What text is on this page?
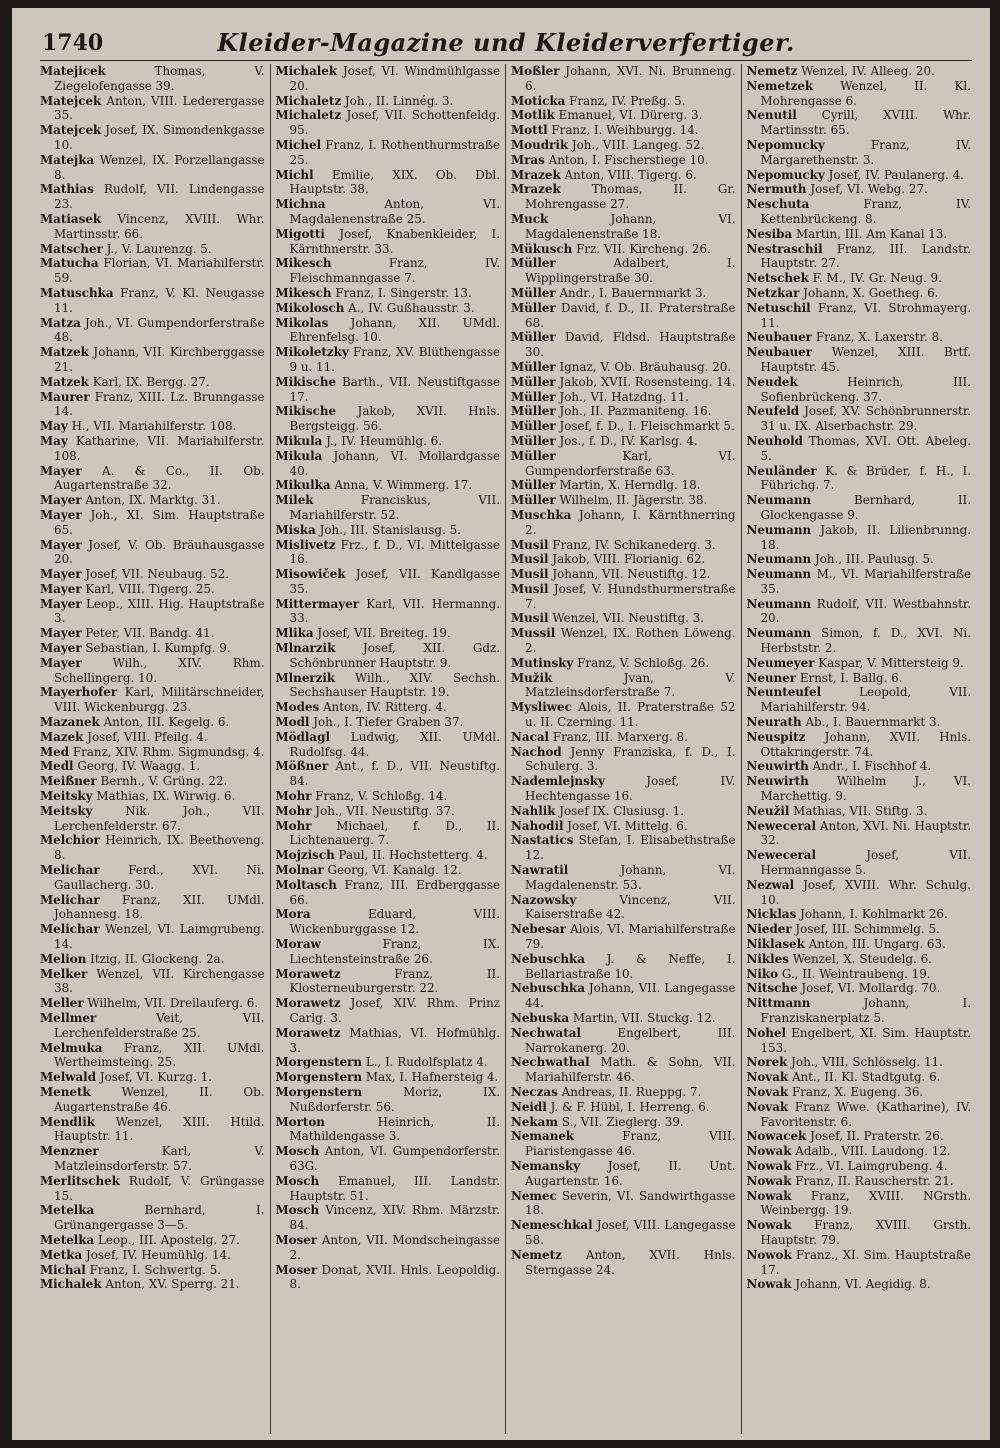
1740	Kleider-Magazine und Kleiderverfertiger.
Matejicek	Thomas, V. Ziegelofengasse 39.
Matejcek Anton, VIII. Lederergasse 35.
Matejcek Josef, IX. Simondenkgasse 10.
Matejka Wenzel, IX. Porzellangasse 8.
Mathias Rudolf, VII. Lindengasse 23.
Matiasek Vincenz, XVIII. Whr. Martinsstr. 66.
Matscher J., V. Laurenzg. 5.
Matucha Florian, VI. Mariahilferstr. 59.
Matuschka Franz, V. Kl. Neugasse 11.
Matza Joh., VI. Gumpendorferstraße 48.
Matzek Johann, VII. Kirchberggasse 21.
Matzek Karl, IX. Bergg. 27.
Maurer Franz, XIII. Lz. Brunngasse 14.
May H., VII. Mariahilferstr. 108.
May Katharine, VII. Mariahilferstr. 108.
Mayer A. & Co., II. Ob. Augartenstraße 32.
Mayer Anton, IX. Marktg. 31.
Mayer Joh., XI. Sim. Hauptstraße 65.
Mayer Josef, V. Ob. Bräuhausgasse 20.
Mayer Josef, VII. Neubaug. 52.
Mayer Karl, VIII. Tigerg. 25.
Mayer Leop., XIII. Hig. Hauptstraße 3.
Mayer Peter, VII. Bandg. 41.
Mayer Sebastian, I. Kumpfg. 9.
Mayer	Wilh., XIV. Rhm. Schellingerg. 10.
Mayerhofer Karl, Militärschneider, VIII. Wickenburgg. 23.
Mazanek Anton, III. Kegelg. 6.
Mazek Josef, VIII. Pfeilg. 4.
Med Franz, XIV. Rhm. Sigmundsg. 4.
Medl Georg, IV. Waagg. 1.
Meißner Bernh., V. Grüng. 22.
Meitsky Mathias, IX. Wirwig. 6.
Meitsky	Nik. Joh., VII. Lerchenfelderstr. 67.
Melchior Heinrich, IX. Beethoveng. 8.
Melichar Ferd., XVI. Ni. Gaullacherg. 30.
Melichar Franz, XII. UMdl. Johannesg. 18.
Melichar Wenzel, VI. Laimgrubeng. 14.
Melion Itzig, II. Glockeng. 2a.
Melker Wenzel, VII. Kirchengasse 38.
Meller Wilhelm, VII. Dreilauferg. 6.
Mellmer	Veit, VII. Lerchenfelderstraße 25.
Melmuka Franz, XII. UMdl. Wertheimsteing. 25.
Melwald Josef, VI. Kurzg. 1.
Menetk	Wenzel, II. Ob. Augartenstraße 46.
Mendlik Wenzel, XIII. Htild. Hauptstr. 11.
Menzner	Karl, V. Matzleinsdorferstr. 57.
Merlitschek Rudolf, V. Grüngasse 15.
Metelka	Bernhard, I. Grünangergasse 3—5.
Metelka Leop., III. Apostelg. 27.
Metka Josef, IV. Heumühlg. 14.
Michal Franz, I. Schwertg. 5.
Michalek Anton, XV. Sperrg. 21.
Michalek Josef, VI. Windmühlgasse 20.
Michaletz Joh., II. Linnég. 3.
Michaletz Josef, VII. Schottenfeldg. 95.
Michel Franz, I. Rothenthurmstraße 25.
Michl Emilie, XIX. Ob. Dbl. Hauptstr. 38.
Michna	Anton, VI. Magdalenenstraße 25.
Migotti Josef, Knabenkleider, I. Kärnthnerstr. 33.
Mikesch	Franz, IV. Fleischmanngasse 7.
Mikesch Franz, I. Singerstr. 13.
Mikolosch A., IV. Gußhausstr. 3.
Mikolas Johann, XII. UMdl. Ehrenfelsg. 10.
Mikoletzky Franz, XV. Blüthengasse 9 u. 11.
Mikische Barth., VII. Neustiftgasse 17.
Mikische Jakob, XVII. Hnls. Bergsteigg. 56.
Mikula J., IV. Heumühlg. 6.
Mikula Johann, VI. Mollardgasse 40.
Mikulka Anna, V. Wimmerg. 17.
Milek	Franciskus, VII. Mariahilferstr. 52.
Miska Joh., III. Stanislausg. 5.
Mislivetz Frz., f. D., VI. Mittelgasse 16.
Misowiček Josef, VII. Kandlgasse 35.
Mittermayer Karl, VII. Hermanng. 33.
Mlika Josef, VII. Breiteg. 19.
Mlnarzik Josef, XII. Gdz. Schönbrunner Hauptstr. 9.
Mlnerzik Wilh., XIV. Sechsh. Sechshauser Hauptstr. 19.
Modes Anton, IV. Ritterg. 4.
Modl Joh., I. Tiefer Graben 37.
Mödlagl Ludwig, XII. UMdl. Rudolfsg. 44.
Mößner Ant., f. D., VII. Neustiftg. 84.
Mohr Franz, V. Schloßg. 14.
Mohr Joh., VII. Neustiftg. 37.
Mohr Michael, f. D., II. Lichtenauerg. 7.
Mojzisch Paul, II. Hochstetterg. 4.
Molnar Georg, VI. Kanalg. 12.
Moltasch Franz, III. Erdberggasse 66.
Mora	Eduard, VIII. Wickenburggasse 12.
Moraw	Franz, IX. Liechtensteinstraße 26.
Morawetz	Franz, II. Klosterneuburgerstr. 22.
Morawetz Josef, XIV. Rhm. Prinz Carlg. 3.
Morawetz Mathias, VI. Hofmühlg. 3.
Morgenstern L., I. Rudolfsplatz 4.
Morgenstern Max, I. Hafnersteig 4.
Morgenstern	Moriz, IX. Nußdorferstr. 56.
Morton	Heinrich, II. Mathildengasse 3.
Mosch Anton, VI. Gumpendorferstr. 63G.
Mosch Emanuel, III. Landstr. Hauptstr. 51.
Mosch Vincenz, XIV. Rhm. Märzstr. 84.
Moser Anton, VII. Mondscheingasse 2.
Moser Donat, XVII. Hnls. Leopoldig. 8.
Moßler Johann, XVI. Ni. Brunneng. 6.
Moticka Franz, IV. Preßg. 5.
Motlik Emanuel, VI. Dürerg. 3.
Mottl Franz, I. Weihburgg. 14.
Moudrik Joh., VIII. Langeg. 52.
Mras Anton, I. Fischerstiege 10.
Mrazek Anton, VIII. Tigerg. 6.
Mrazek	Thomas, II. Gr. Mohrengasse 27.
Muck	Johann, VI. Magdalenenstraße 18.
Mükusch Frz. VII. Kircheng. 26.
Müller	Adalbert, I. Wipplingerstraße 30.
Müller Andr., I. Bauernmarkt 3.
Müller David, f. D., II. Praterstraße 68.
Müller David, Fldsd. Hauptstraße 30.
Müller Ignaz, V. Ob. Bräuhausg. 20.
Müller Jakob, XVII. Rosensteing. 14.
Müller Joh., VI. Hatzdng. 11.
Müller Joh., II. Pazmaniteng. 16.
Müller Josef, f. D., I. Fleischmarkt 5.
Müller Jos., f. D., IV. Karlsg. 4.
Müller	Karl, VI. Gumpendorferstraße 63.
Müller Martin, X. Herndlg. 18.
Müller Wilhelm, II. Jägerstr. 38.
Muschka Johann, I. Kärnthnerring 2.
Musil Franz, IV. Schikanederg. 3.
Musil Jakob, VIII. Florianig. 62.
Musil Johann, VII. Neustiftg. 12.
Musil Josef, V. Hundsthurmerstraße 7.
Musil Wenzel, VII. Neustiftg. 3.
Mussil Wenzel, IX. Rothen Löweng. 2.
Mutinsky Franz, V. Schloßg. 26.
Mužik	Jvan, V. Matzleinsdorferstraße 7.
Mysliwec Alois, II. Praterstraße 52 u. II. Czerning. 11.
Nacal Franz, III. Marxerg. 8.
Nachod Jenny Franziska, f. D., I. Schulerg. 3.
Nademlejnsky	Josef, IV. Hechtengasse 16.
Nahlik Josef IX. Clusiusg. 1.
Nahodil Josef, VI. Mittelg. 6.
Nastatics Stefan, I. Elisabethstraße 12.
Nawratil	Johann, VI. Magdalenenstr. 53.
Nazowsky	Vincenz, VII. Kaiserstraße 42.
Nebesar Alois, VI. Mariahilferstraße 79.
Nebuschka J. & Neffe, I. Bellariastraße 10.
Nebuschka Johann, VII. Langegasse 44.
Nebuska Martin, VII. Stuckg. 12.
Nechwatal	Engelbert, III. Narrokanerg. 20.
Nechwathal Math. & Sohn, VII. Mariahilferstr. 46.
Neczas Andreas, II. Rueppg. 7.
Neidl J. & F. Hübl, I. Herreng. 6.
Nekam S., VII. Zieglerg. 39.
Nemanek	Franz, VIII. Piaristengasse 46.
Nemansky Josef, II. Unt. Augartenstr. 16.
Nemec Severin, VI. Sandwirthgasse 18.
Nemeschkal Josef, VIII. Langegasse 58.
Nemetz Anton, XVII. Hnls. Sterngasse 24.
Nemetz Wenzel, IV. Alleeg. 20.
Nemetzek Wenzel, II. Kl. Mohrengasse 6.
Nenutil Cyrill, XVIII. Whr. Martinsstr. 65.
Nepomucky	Franz, IV. Margarethenstr. 3.
Nepomucky Josef, IV. Paulanerg. 4.
Nermuth Josef, VI. Webg. 27.
Neschuta	Franz, IV. Kettenbrückeng. 8.
Nesiba Martin, III. Am Kanal 13.
Nestraschil Franz, III. Landstr. Hauptstr. 27.
Netschek F. M., IV. Gr. Neug. 9.
Netzkar Johann, X. Goetheg. 6.
Netuschil Franz, VI. Strohmayerg. 11.
Neubauer Franz, X. Laxerstr. 8.
Neubauer Wenzel, XIII. Brtf. Hauptstr. 45.
Neudek	Heinrich, III. Sofienbrückeng. 37.
Neufeld Josef, XV. Schönbrunnerstr. 31 u. IX. Alserbachstr. 29.
Neuhold Thomas, XVI. Ott. Abeleg. 5.
Neuländer K. & Brüder, f. H., I. Führichg. 7.
Neumann	Bernhard, II. Glockengasse 9.
Neumann Jakob, II. Lilienbrunng. 18.
Neumann Joh., III. Paulusg. 5.
Neumann M., VI. Mariahilferstraße 35.
Neumann Rudolf, VII. Westbahnstr. 20.
Neumann Simon, f. D., XVI. Ni. Herbststr. 2.
Neumeyer Kaspar, V. Mittersteig 9.
Neuner Ernst, I. Ballg. 6.
Neunteufel	Leopold, VII. Mariahilferstr. 94.
Neurath Ab., I. Bauernmarkt 3.
Neuspitz Johann, XVII. Hnls. Ottakringerstr. 74.
Neuwirth Andr., I. Fischhof 4.
Neuwirth Wilhelm J., VI. Marchettig. 9.
Neužil Mathias, VII. Stiftg. 3.
Neweceral Anton, XVI. Ni. Hauptstr. 32.
Neweceral	Josef, VII. Hermanngasse 5.
Nezwal Josef, XVIII. Whr. Schulg. 10.
Nicklas Johann, I. Kohlmarkt 26.
Nieder Josef, III. Schimmelg. 5.
Niklasek Anton, III. Ungarg. 63.
Nikles Wenzel, X. Steudelg. 6.
Niko G., II. Weintraubeng. 19.
Nitsche Josef, VI. Mollardg. 70.
Nittmann	Johann, I. Franziskanerplatz 5.
Nohel Engelbert, XI. Sim. Hauptstr. 153.
Norek Joh., VIII. Schlösselg. 11.
Novak Ant., II. Kl. Stadtgutg. 6.
Novak Franz, X. Eugeng. 36.
Novak Franz Wwe. (Katharine), IV. Favoritenstr. 6.
Nowacek Josef, II. Praterstr. 26.
Nowak Adalb., VIII. Laudong. 12.
Nowak Frz., VI. Laimgrubeng. 4.
Nowak Franz, II. Rauscherstr. 21.
Nowak Franz, XVIII. NGrsth. Weinbergg. 19.
Nowak Franz, XVIII. Grsth. Hauptstr. 79.
Nowok Franz., XI. Sim. Hauptstraße 17.
Nowak Johann, VI. Aegidig. 8.
